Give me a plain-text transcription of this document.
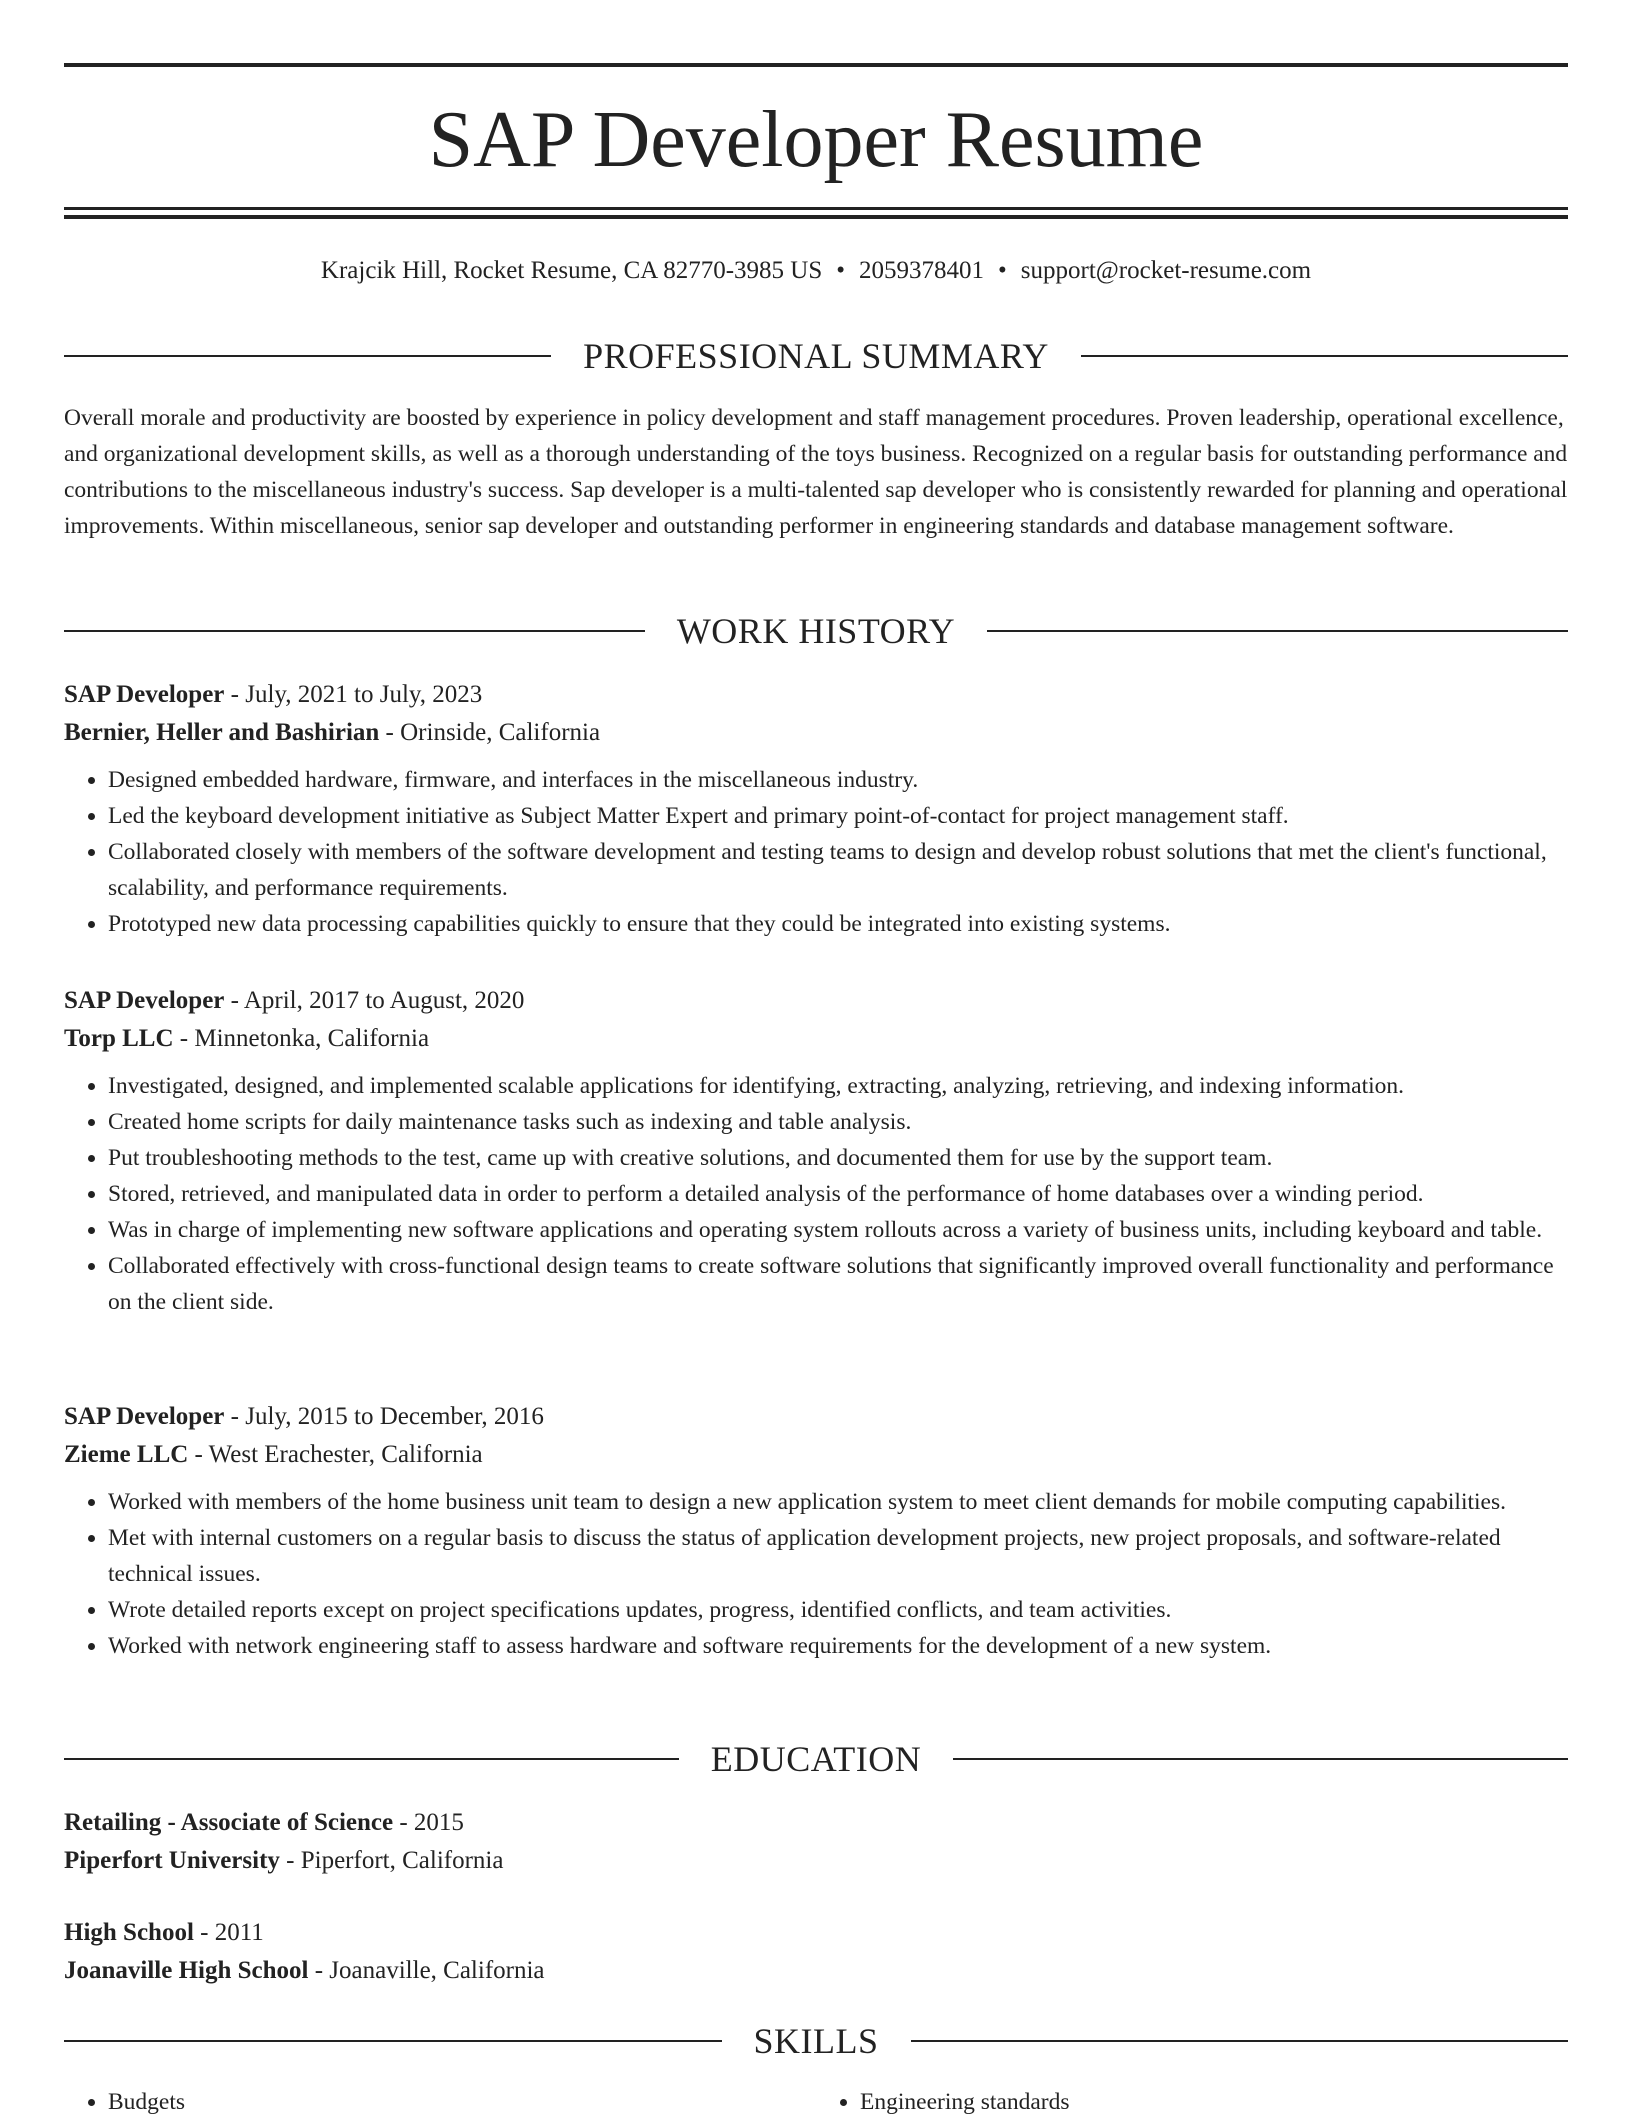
SAP Developer Resume
Krajcik Hill, Rocket Resume, CA 82770-3985 US • 2059378401 • support@rocket-resume.com
PROFESSIONAL SUMMARY

Overall morale and productivity are boosted by experience in policy development and staff management procedures. Proven leadership, operational excellence, and organizational development skills, as well as a thorough understanding of the toys business. Recognized on a regular basis for outstanding performance and contributions to the miscellaneous industry's success. Sap developer is a multi-talented sap developer who is consistently rewarded for planning and operational improvements. Within miscellaneous, senior sap developer and outstanding performer in engineering standards and database management software.

WORK HISTORY
SAP Developer - July, 2021 to July, 2023
Bernier, Heller and Bashirian - Orinside, California
• Designed embedded hardware, firmware, and interfaces in the miscellaneous industry.
• Led the keyboard development initiative as Subject Matter Expert and primary point-of-contact for project management staff.
• Collaborated closely with members of the software development and testing teams to design and develop robust solutions that met the client's functional, scalability, and performance requirements.
• Prototyped new data processing capabilities quickly to ensure that they could be integrated into existing systems.
SAP Developer - April, 2017 to August, 2020
Torp LLC - Minnetonka, California
• Investigated, designed, and implemented scalable applications for identifying, extracting, analyzing, retrieving, and indexing information.
• Created home scripts for daily maintenance tasks such as indexing and table analysis.
• Put troubleshooting methods to the test, came up with creative solutions, and documented them for use by the support team.
• Stored, retrieved, and manipulated data in order to perform a detailed analysis of the performance of home databases over a winding period.
• Was in charge of implementing new software applications and operating system rollouts across a variety of business units, including keyboard and table.
• Collaborated effectively with cross-functional design teams to create software solutions that significantly improved overall functionality and performance on the client side.
SAP Developer - July, 2015 to December, 2016
Zieme LLC - West Erachester, California
• Worked with members of the home business unit team to design a new application system to meet client demands for mobile computing capabilities.
• Met with internal customers on a regular basis to discuss the status of application development projects, new project proposals, and software-related technical issues.
• Wrote detailed reports except on project specifications updates, progress, identified conflicts, and team activities.
• Worked with network engineering staff to assess hardware and software requirements for the development of a new system.
EDUCATION
Retailing - Associate of Science - 2015
Piperfort University - Piperfort, California
High School - 2011
Joanaville High School - Joanaville, California
SKILLS
• Budgets
•	Engineering standards
